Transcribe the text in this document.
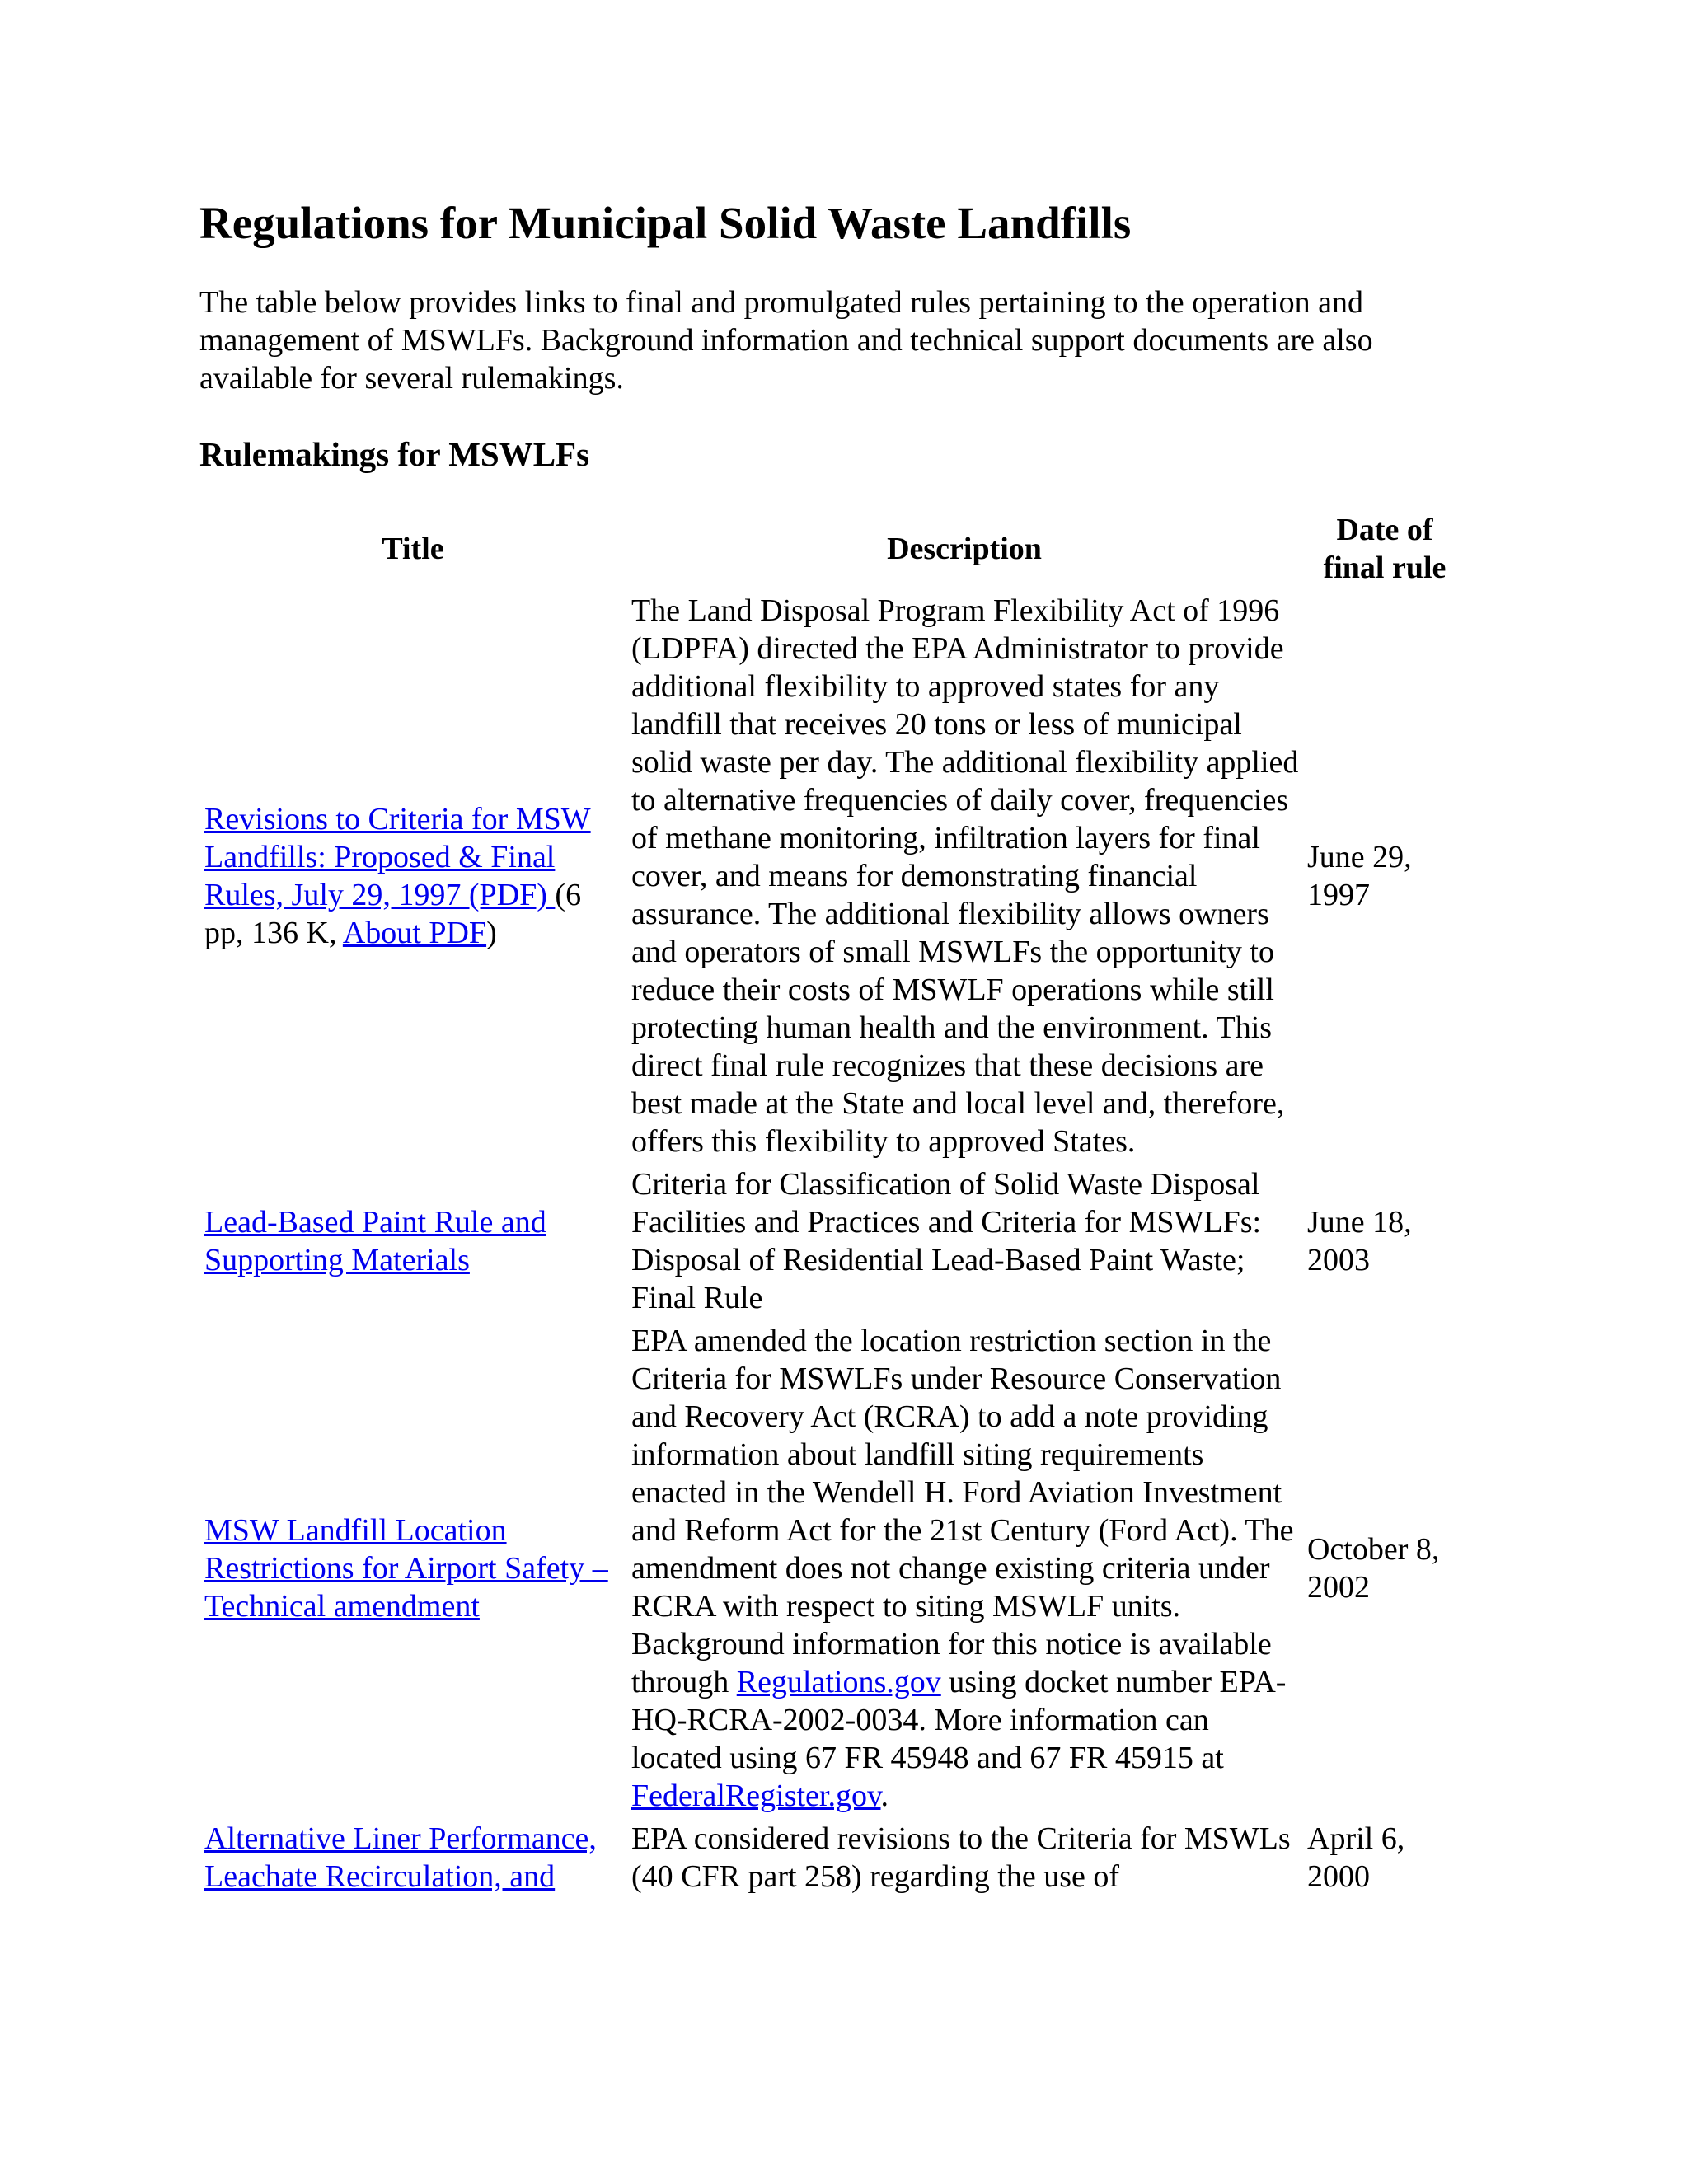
Regulations for Municipal Solid Waste Landfills

The table below provides links to final and promulgated rules pertaining to the operation and management of MSWLFs. Background information and technical support documents are also available for several rulemakings.

Rulemakings for MSWLFs
Title	Description	Date of final rule
Revisions to Criteria for MSW Landfills: Proposed & Final Rules, July 29, 1997 (PDF) (6 pp, 136 K, About PDF)	The Land Disposal Program Flexibility Act of 1996 (LDPFA) directed the EPA Administrator to provide additional flexibility to approved states for any landfill that receives 20 tons or less of municipal solid waste per day. The additional flexibility applied to alternative frequencies of daily cover, frequencies of methane monitoring, infiltration layers for final cover, and means for demonstrating financial assurance. The additional flexibility allows owners and operators of small MSWLFs the opportunity to reduce their costs of MSWLF operations while still protecting human health and the environment. This direct final rule recognizes that these decisions are best made at the State and local level and, therefore, offers this flexibility to approved States.	June 29, 1997
Lead-Based Paint Rule and Supporting Materials	Criteria for Classification of Solid Waste Disposal Facilities and Practices and Criteria for MSWLFs: Disposal of Residential Lead-Based Paint Waste; Final Rule	June 18, 2003
MSW Landfill Location Restrictions for Airport Safety – Technical amendment	EPA amended the location restriction section in the Criteria for MSWLFs under Resource Conservation and Recovery Act (RCRA) to add a note providing information about landfill siting requirements enacted in the Wendell H. Ford Aviation Investment and Reform Act for the 21st Century (Ford Act). The amendment does not change existing criteria under RCRA with respect to siting MSWLF units. Background information for this notice is available through Regulations.gov using docket number EPA-HQ-RCRA-2002-0034. More information can located using 67 FR 45948 and 67 FR 45915 at FederalRegister.gov.	October 8, 2002
Alternative Liner Performance, Leachate Recirculation, and	EPA considered revisions to the Criteria for MSWLs (40 CFR part 258) regarding the use of	April 6, 2000
